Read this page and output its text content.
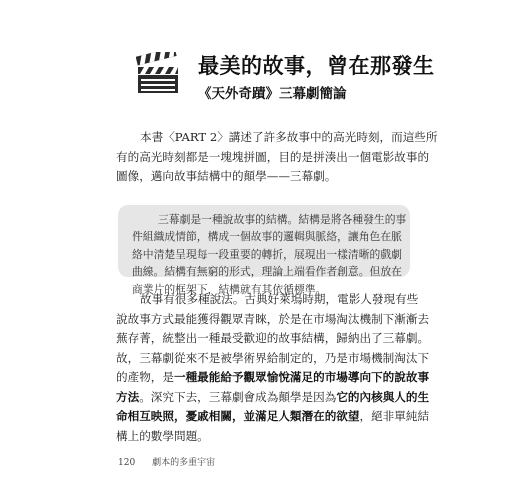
最美的故事，曾在那發生
《天外奇蹟》三幕劇簡論
本書〈PART 2〉講述了許多故事中的高光時刻，而這些所
有的高光時刻都是一塊塊拼圖，目的是拼湊出一個電影故事的
圖像，邁向故事結構中的顛學——三幕劇。
三幕劇是一種說故事的結構。結構是將各種發生的事
件組織成情節，構成一個故事的邏輯與脈絡，讓角色在脈
絡中清楚呈現每一段重要的轉折，展現出一樣清晰的戲劇
曲線。結構有無窮的形式，理論上端看作者創意。但放在
商業片的框架下，結構就有其依循標準。
故事有很多種說法。古典好萊塢時期，電影人發現有些
說故事方式最能獲得觀眾青睞，於是在市場淘汰機制下漸漸去
蕪存菁，統整出一種最受歡迎的故事結構，歸納出了三幕劇。
故，三幕劇從來不是被學術界給制定的，乃是市場機制淘汰下
的產物，是一種最能給予觀眾愉悅滿足的市場導向下的說故事
方法。深究下去，三幕劇會成為顛學是因為它的內核與人的生
命相互映照，憂戚相關，並滿足人類潛在的欲望，絕非單純結
構上的數學問題。
120 劇本的多重宇宙
